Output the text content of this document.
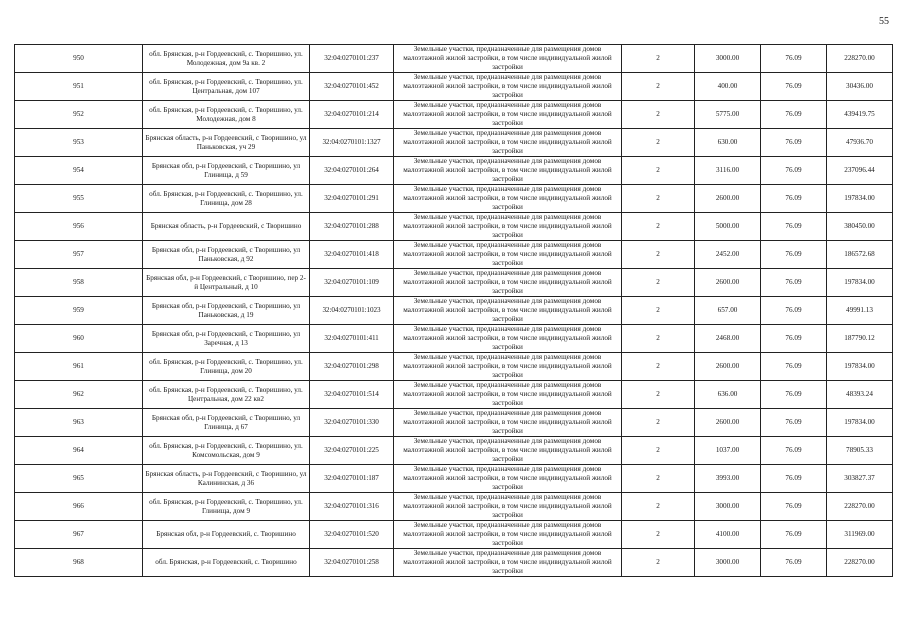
55
950	обл. Брянская, р-н Гордеевский, с. Творишино, ул. Молодежная, дом 9а кв. 2	32:04:0270101:237	Земельные участки, предназначенные для размещения домов малоэтажной жилой застройки, в том числе индивидуальной жилой застройки	2	3000.00	76.09	228270.00
951	обл. Брянская, р-н Гордеевский, с. Творишино, ул. Центральная, дом 107	32:04:0270101:452	Земельные участки, предназначенные для размещения домов малоэтажной жилой застройки, в том числе индивидуальной жилой застройки	2	400.00	76.09	30436.00
952	обл. Брянская, р-н Гордеевский, с. Творишино, ул. Молодежная, дом 8	32:04:0270101:214	Земельные участки, предназначенные для размещения домов малоэтажной жилой застройки, в том числе индивидуальной жилой застройки	2	5775.00	76.09	439419.75
953	Брянская область, р-н Гордеевский, с Творишино, ул Паньковская, уч 29	32:04:0270101:1327	Земельные участки, предназначенные для размещения домов малоэтажной жилой застройки, в том числе индивидуальной жилой застройки	2	630.00	76.09	47936.70
954	Брянская обл, р-н Гордеевский, с Творишино, ул Глинища, д 59	32:04:0270101:264	Земельные участки, предназначенные для размещения домов малоэтажной жилой застройки, в том числе индивидуальной жилой застройки	2	3116.00	76.09	237096.44
955	обл. Брянская, р-н Гордеевский, с. Творишино, ул. Глинища, дом 28	32:04:0270101:291	Земельные участки, предназначенные для размещения домов малоэтажной жилой застройки, в том числе индивидуальной жилой застройки	2	2600.00	76.09	197834.00
956	Брянская область, р-н Гордеевский, с Творишино	32:04:0270101:288	Земельные участки, предназначенные для размещения домов малоэтажной жилой застройки, в том числе индивидуальной жилой застройки	2	5000.00	76.09	380450.00
957	Брянская обл, р-н Гордеевский, с Творишино, ул Паньковская, д 92	32:04:0270101:418	Земельные участки, предназначенные для размещения домов малоэтажной жилой застройки, в том числе индивидуальной жилой застройки	2	2452.00	76.09	186572.68
958	Брянская обл, р-н Гордеевский, с Творишино, пер 2-й Центральный, д 10	32:04:0270101:109	Земельные участки, предназначенные для размещения домов малоэтажной жилой застройки, в том числе индивидуальной жилой застройки	2	2600.00	76.09	197834.00
959	Брянская обл, р-н Гордеевский, с Творишино, ул Паньковская, д 19	32:04:0270101:1023	Земельные участки, предназначенные для размещения домов малоэтажной жилой застройки, в том числе индивидуальной жилой застройки	2	657.00	76.09	49991.13
960	Брянская обл, р-н Гордеевский, с Творишино, ул Заречная, д 13	32:04:0270101:411	Земельные участки, предназначенные для размещения домов малоэтажной жилой застройки, в том числе индивидуальной жилой застройки	2	2468.00	76.09	187790.12
961	обл. Брянская, р-н Гордеевский, с. Творишино, ул. Глинища, дом 20	32:04:0270101:298	Земельные участки, предназначенные для размещения домов малоэтажной жилой застройки, в том числе индивидуальной жилой застройки	2	2600.00	76.09	197834.00
962	обл. Брянская, р-н Гордеевский, с. Творишино, ул. Центральная, дом 22 кв2	32:04:0270101:514	Земельные участки, предназначенные для размещения домов малоэтажной жилой застройки, в том числе индивидуальной жилой застройки	2	636.00	76.09	48393.24
963	Брянская обл, р-н Гордеевский, с Творишино, ул Глинища, д 67	32:04:0270101:330	Земельные участки, предназначенные для размещения домов малоэтажной жилой застройки, в том числе индивидуальной жилой застройки	2	2600.00	76.09	197834.00
964	обл. Брянская, р-н Гордеевский, с. Творишино, ул. Комсомольская, дом 9	32:04:0270101:225	Земельные участки, предназначенные для размещения домов малоэтажной жилой застройки, в том числе индивидуальной жилой застройки	2	1037.00	76.09	78905.33
965	Брянская область, р-н Гордеевский, с Творишино, ул Калининская, д 36	32:04:0270101:187	Земельные участки, предназначенные для размещения домов малоэтажной жилой застройки, в том числе индивидуальной жилой застройки	2	3993.00	76.09	303827.37
966	обл. Брянская, р-н Гордеевский, с. Творишино, ул. Глинища, дом 9	32:04:0270101:316	Земельные участки, предназначенные для размещения домов малоэтажной жилой застройки, в том числе индивидуальной жилой застройки	2	3000.00	76.09	228270.00
967	Брянская обл, р-н Гордеевский, с. Творишино	32:04:0270101:520	Земельные участки, предназначенные для размещения домов малоэтажной жилой застройки, в том числе индивидуальной жилой застройки	2	4100.00	76.09	311969.00
968	обл. Брянская, р-н Гордеевский, с. Творишино	32:04:0270101:258	Земельные участки, предназначенные для размещения домов малоэтажной жилой застройки, в том числе индивидуальной жилой застройки	2	3000.00	76.09	228270.00
